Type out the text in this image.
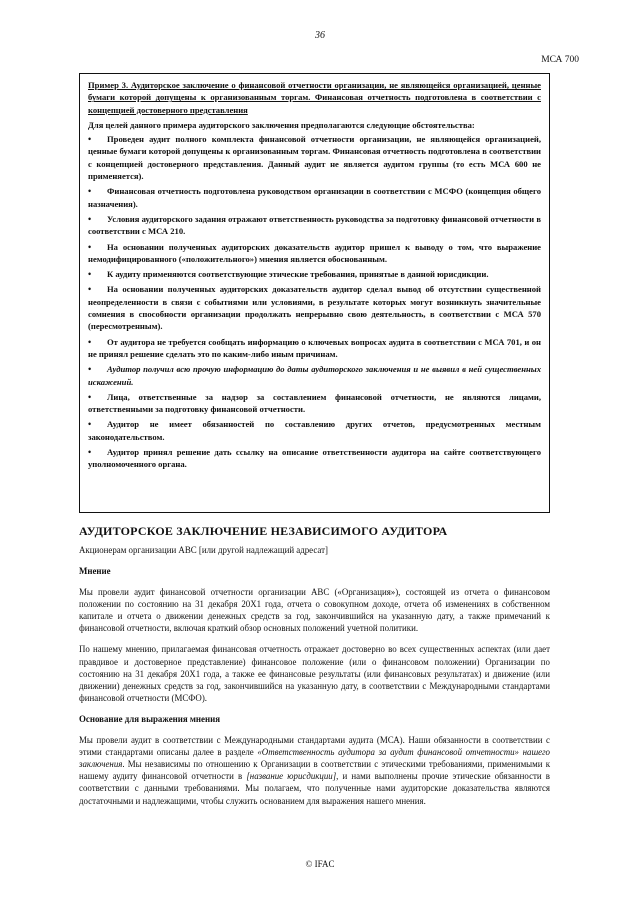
36
МСА 700

Пример 3. Аудиторское заключение о финансовой отчетности организации, не являющейся организацией, ценные бумаги которой допущены к организованным торгам. Финансовая отчетность подготовлена в соответствии с концепцией достоверного представления

Для целей данного примера аудиторского заключения предполагаются следующие обстоятельства:

• Проведен аудит полного комплекта финансовой отчетности организации, не являющейся организацией, ценные бумаги которой допущены к организованным торгам. Финансовая отчетность подготовлена в соответствии с концепцией достоверного представления. Данный аудит не является аудитом группы (то есть МСА 600 не применяется).
• Финансовая отчетность подготовлена руководством организации в соответствии с МСФО (концепция общего назначения).
• Условия аудиторского задания отражают ответственность руководства за подготовку финансовой отчетности в соответствии с МСА 210.
• На основании полученных аудиторских доказательств аудитор пришел к выводу о том, что выражение немодифицированного («положительного») мнения является обоснованным.
• К аудиту применяются соответствующие этические требования, принятые в данной юрисдикции.
• На основании полученных аудиторских доказательств аудитор сделал вывод об отсутствии существенной неопределенности в связи с событиями или условиями, в результате которых могут возникнуть значительные сомнения в способности организации продолжать непрерывно свою деятельность, в соответствии с МСА 570 (пересмотренным).
• От аудитора не требуется сообщать информацию о ключевых вопросах аудита в соответствии с МСА 701, и он не принял решение сделать это по каким-либо иным причинам.
• Аудитор получил всю прочую информацию до даты аудиторского заключения и не выявил в ней существенных искажений.
• Лица, ответственные за надзор за составлением финансовой отчетности, не являются лицами, ответственными за подготовку финансовой отчетности.
• Аудитор не имеет обязанностей по составлению других отчетов, предусмотренных местным законодательством.
• Аудитор принял решение дать ссылку на описание ответственности аудитора на сайте соответствующего уполномоченного органа.
АУДИТОРСКОЕ ЗАКЛЮЧЕНИЕ НЕЗАВИСИМОГО АУДИТОРА
Акционерам организации ABC [или другой надлежащий адресат]
Мнение

Мы провели аудит финансовой отчетности организации ABC («Организация»), состоящей из отчета о финансовом положении по состоянию на 31 декабря 20Х1 года, отчета о совокупном доходе, отчета об изменениях в собственном капитале и отчета о движении денежных средств за год, закончившийся на указанную дату, а также примечаний к финансовой отчетности, включая краткий обзор основных положений учетной политики.

По нашему мнению, прилагаемая финансовая отчетность отражает достоверно во всех существенных аспектах (или дает правдивое и достоверное представление) финансовое положение (или о финансовом положении) Организации по состоянию на 31 декабря 20Х1 года, а также ее финансовые результаты (или финансовых результатах) и движение (или движении) денежных средств за год, закончившийся на указанную дату, в соответствии с Международными стандартами финансовой отчетности (МСФО).

Основание для выражения мнения

Мы провели аудит в соответствии с Международными стандартами аудита (МСА). Наши обязанности в соответствии с этими стандартами описаны далее в разделе «Ответственность аудитора за аудит финансовой отчетности» нашего заключения. Мы независимы по отношению к Организации в соответствии с этическими требованиями, применимыми к нашему аудиту финансовой отчетности в [название юрисдикции], и нами выполнены прочие этические обязанности в соответствии с данными требованиями. Мы полагаем, что полученные нами аудиторские доказательства являются достаточными и надлежащими, чтобы служить основанием для выражения нашего мнения.

© IFAC
